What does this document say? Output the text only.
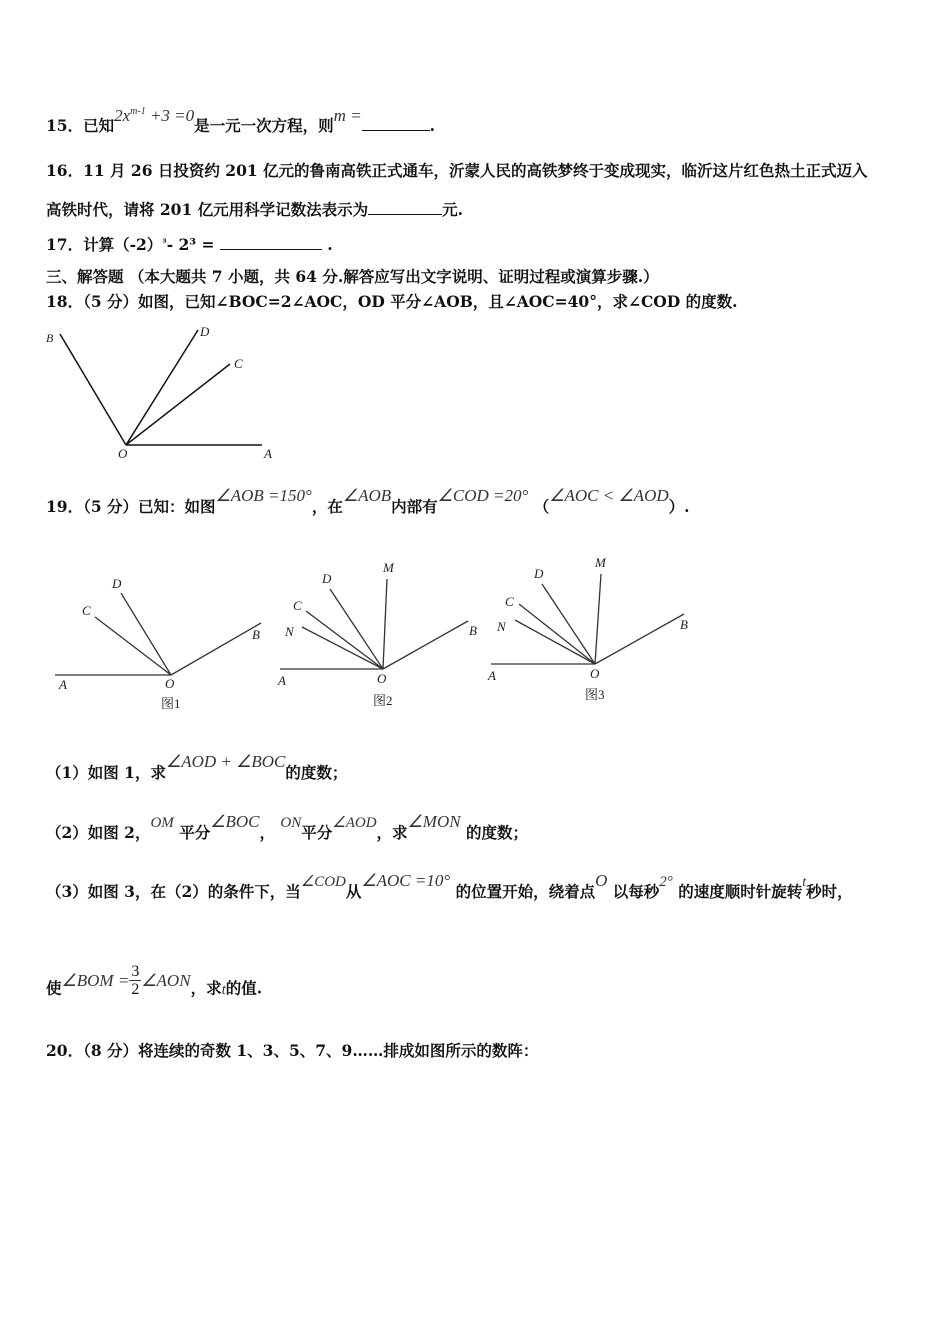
15．已知$2x^{m-1} +3 =0$是一元一次方程，则m =.
16．11 月 26 日投资约 201 亿元的鲁南高铁正式通车，沂蒙人民的高铁梦终于变成现实，临沂这片红色热土正式迈入
高铁时代，请将 201 亿元用科学记数法表示为	元.
17．计算$(-2)^{^3}-$ 2³ =	.
三、解答题 （本大题共 7 小题，共 64 分.解答应写出文字说明、证明过程或演算步骤.）
18．（5 分）如图，已知∠BOC=2∠AOC，OD 平分∠AOB，且∠AOC=40°，求∠COD 的度数.
B	D
C
O	A
19．（5 分）已知：如图∠AOB =150°，在∠AOB内部有∠COD =20° （∠AOC < ∠AOD）.
A	O
B
C
D
图1
A	O
B
M
D
C
N
图2
A	O
B
M
D
C
N
图3
（1）如图 1，求∠AOD + ∠BOC的度数；
（2）如图 2，OM 平分∠BOC， ON平分∠AOD，求∠MON 的度数；
（3）如图 3，在（2）的条件下，当∠COD从∠AOC =10° 的位置开始，绕着点O 以每秒2° 的速度顺时针旋转t秒时，
使∠BOM = $\frac{3}{2}$ ∠AON，求t的值.
20．（8 分）将连续的奇数 1、3、5、7、9……排成如图所示的数阵：
